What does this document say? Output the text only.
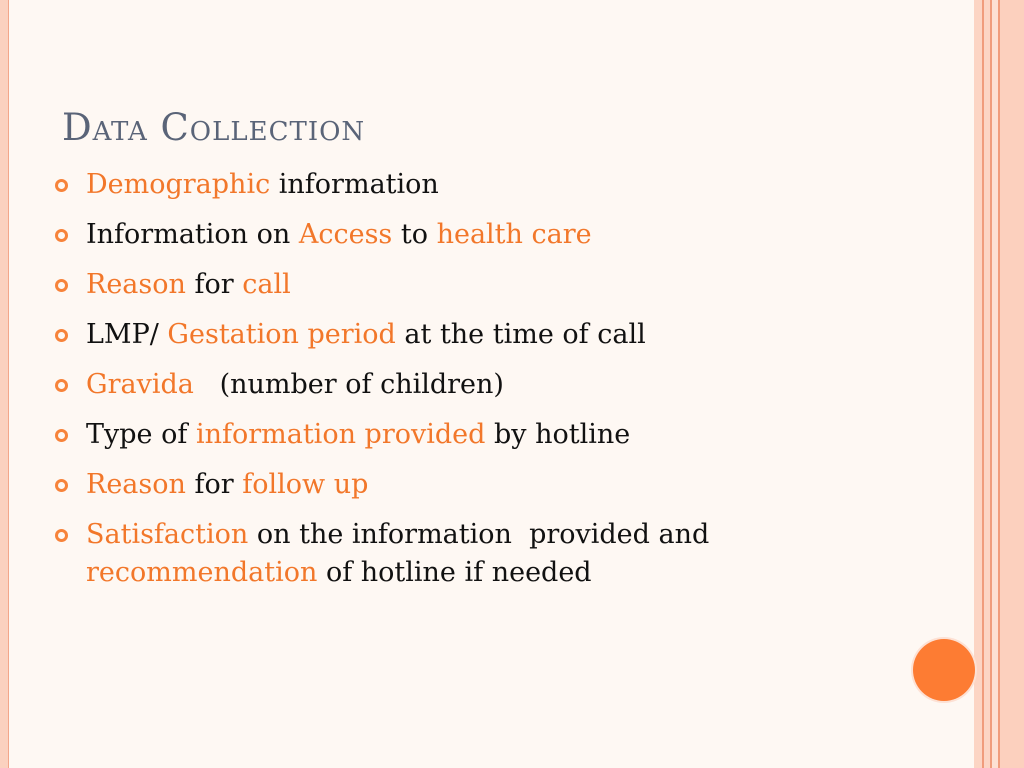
Data Collection
Demographic information
Information on Access to health care
Reason for call
LMP/ Gestation period at the time of call
Gravida   (number of children)
Type of information provided by hotline
Reason for follow up
Satisfaction on the information  provided and recommendation of hotline if needed
